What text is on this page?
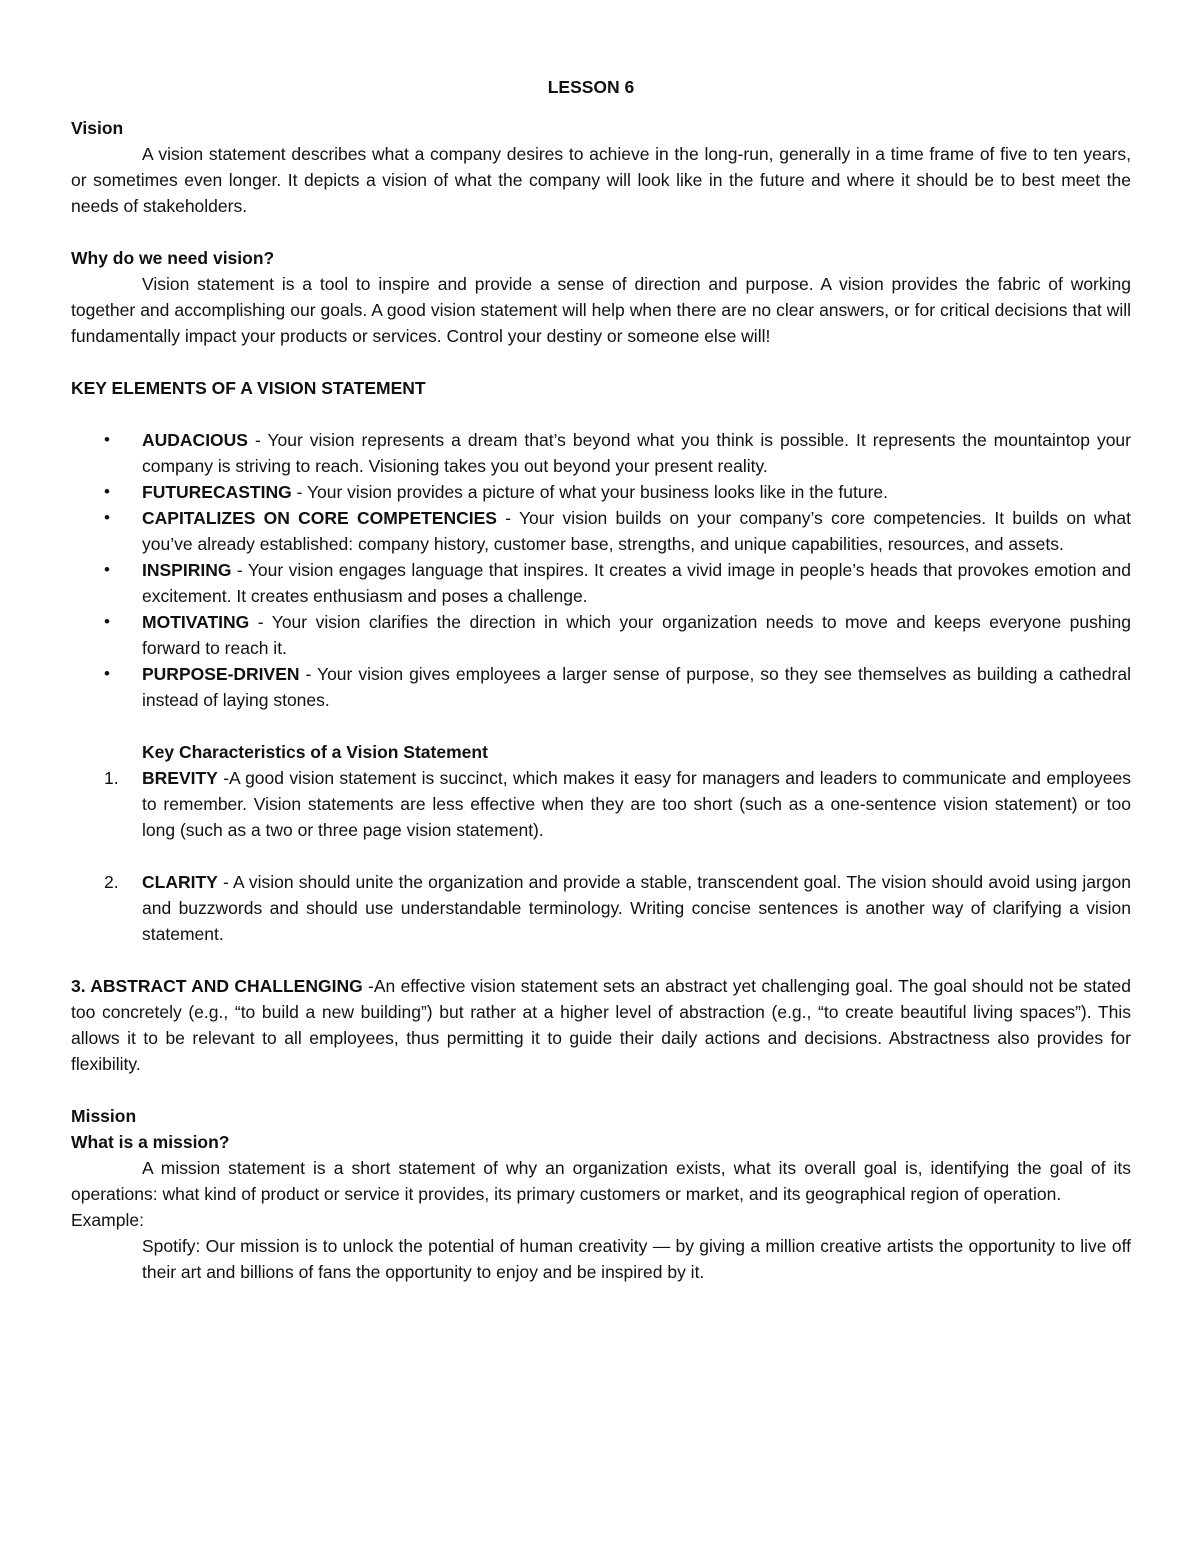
LESSON 6

Vision

A vision statement describes what a company desires to achieve in the long-run, generally in a time frame of five to ten years, or sometimes even longer. It depicts a vision of what the company will look like in the future and where it should be to best meet the needs of stakeholders.

Why do we need vision?

Vision statement is a tool to inspire and provide a sense of direction and purpose. A vision provides the fabric of working together and accomplishing our goals. A good vision statement will help when there are no clear answers, or for critical decisions that will fundamentally impact your products or services. Control your destiny or someone else will!

KEY ELEMENTS OF A VISION STATEMENT

• AUDACIOUS - Your vision represents a dream that’s beyond what you think is possible. It represents the mountaintop your company is striving to reach. Visioning takes you out beyond your present reality.
• FUTURECASTING - Your vision provides a picture of what your business looks like in the future.
• CAPITALIZES ON CORE COMPETENCIES - Your vision builds on your company’s core competencies. It builds on what you’ve already established: company history, customer base, strengths, and unique capabilities, resources, and assets.
• INSPIRING - Your vision engages language that inspires. It creates a vivid image in people’s heads that provokes emotion and excitement. It creates enthusiasm and poses a challenge.
• MOTIVATING - Your vision clarifies the direction in which your organization needs to move and keeps everyone pushing forward to reach it.
• PURPOSE-DRIVEN - Your vision gives employees a larger sense of purpose, so they see themselves as building a cathedral instead of laying stones.

Key Characteristics of a Vision Statement

1. BREVITY -A good vision statement is succinct, which makes it easy for managers and leaders to communicate and employees to remember. Vision statements are less effective when they are too short (such as a one-sentence vision statement) or too long (such as a two or three page vision statement).
2. CLARITY - A vision should unite the organization and provide a stable, transcendent goal. The vision should avoid using jargon and buzzwords and should use understandable terminology. Writing concise sentences is another way of clarifying a vision statement.

3. ABSTRACT AND CHALLENGING -An effective vision statement sets an abstract yet challenging goal. The goal should not be stated too concretely (e.g., “to build a new building”) but rather at a higher level of abstraction (e.g., “to create beautiful living spaces”). This allows it to be relevant to all employees, thus permitting it to guide their daily actions and decisions. Abstractness also provides for flexibility.

Mission

What is a mission?

A mission statement is a short statement of why an organization exists, what its overall goal is, identifying the goal of its operations: what kind of product or service it provides, its primary customers or market, and its geographical region of operation.

Example:

Spotify: Our mission is to unlock the potential of human creativity — by giving a million creative artists the opportunity to live off their art and billions of fans the opportunity to enjoy and be inspired by it.
